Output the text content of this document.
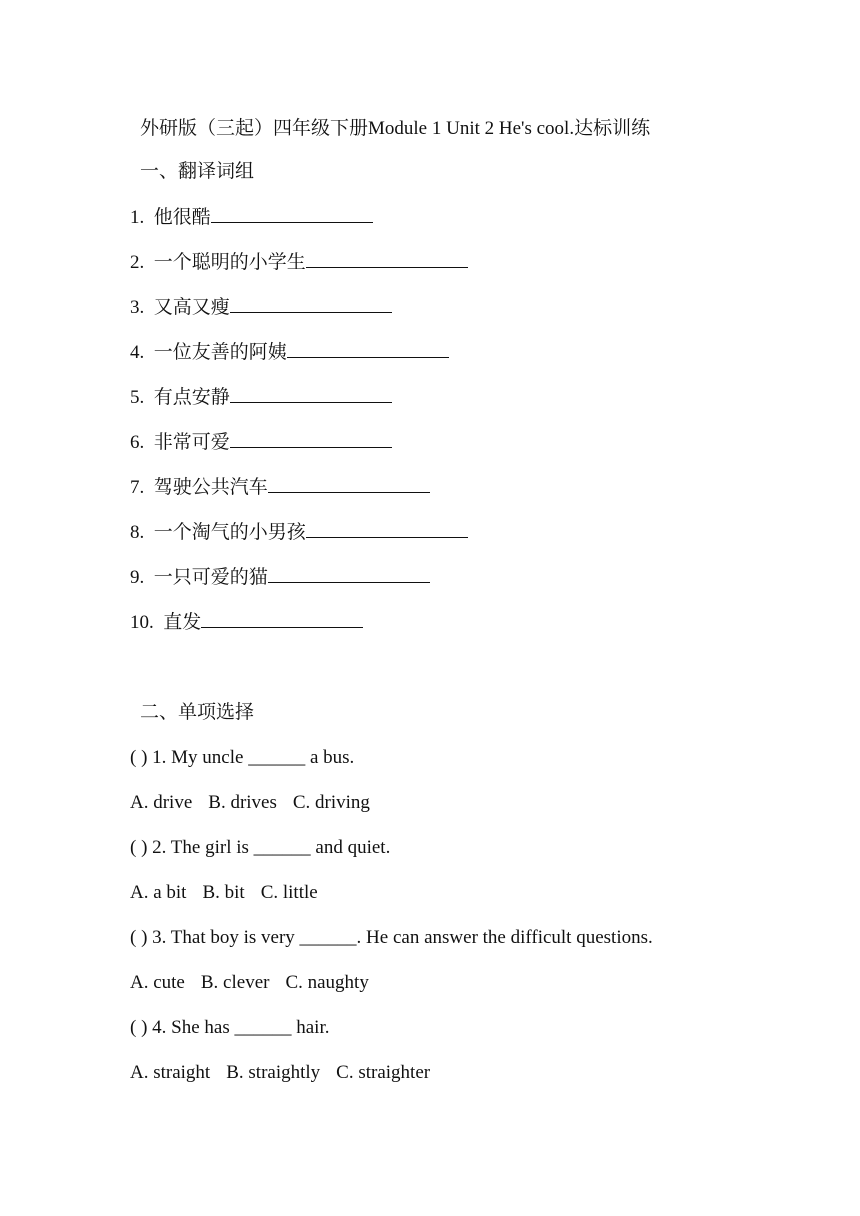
外研版（三起）四年级下册Module 1 Unit 2 He's cool.达标训练
一、翻译词组
1. 他很酷
2. 一个聪明的小学生
3. 又高又瘦
4. 一位友善的阿姨
5. 有点安静
6. 非常可爱
7. 驾驶公共汽车
8. 一个淘气的小男孩
9. 一只可爱的猫
10. 直发
二、单项选择
( ) 1. My uncle ______ a bus.
A. drive B. drives C. driving
( ) 2. The girl is ______ and quiet.
A. a bit B. bit C. little
( ) 3. That boy is very ______. He can answer the difficult questions.
A. cute B. clever C. naughty
( ) 4. She has ______ hair.
A. straight B. straightly C. straighter
